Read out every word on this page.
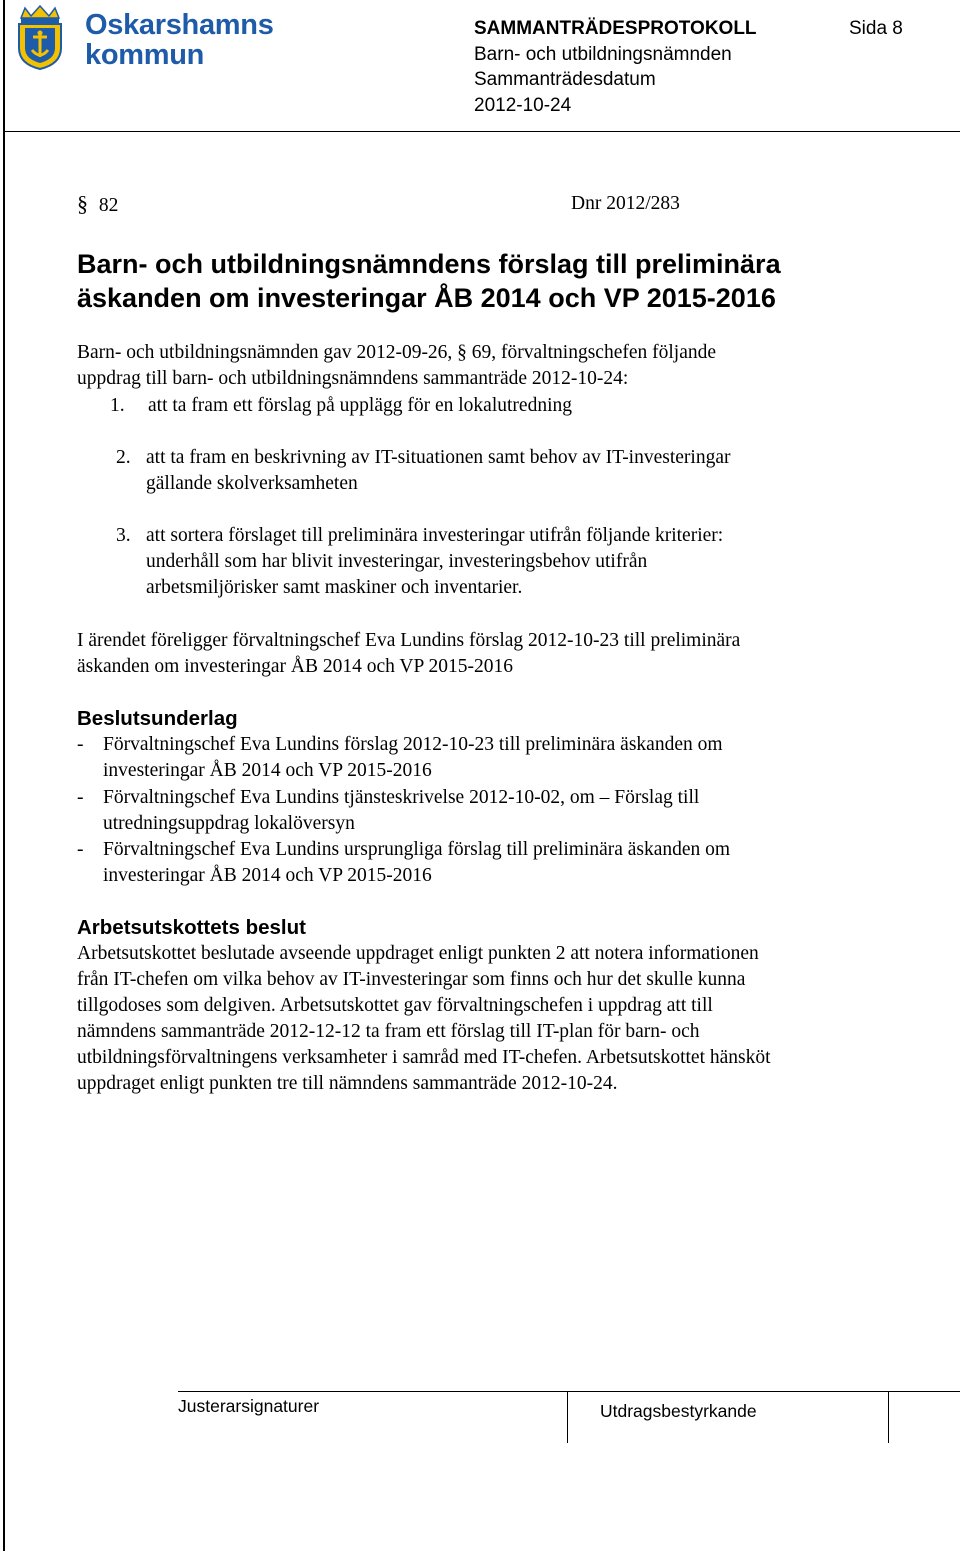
Oskarshamns
kommun
SAMMANTRÄDESPROTOKOLL
Barn- och utbildningsnämnden
Sammanträdesdatum
2012-10-24
Sida 8
§ 82	Dnr 2012/283
Barn- och utbildningsnämndens förslag till preliminära
äskanden om investeringar ÅB 2014 och VP 2015-2016
Barn- och utbildningsnämnden gav 2012-09-26, § 69, förvaltningschefen följande
uppdrag till barn- och utbildningsnämndens sammanträde 2012-10-24:
1. att ta fram ett förslag på upplägg för en lokalutredning
2. att ta fram en beskrivning av IT-situationen samt behov av IT-investeringar
gällande skolverksamheten
3. att sortera förslaget till preliminära investeringar utifrån följande kriterier:
underhåll som har blivit investeringar, investeringsbehov utifrån
arbetsmiljörisker samt maskiner och inventarier.
I ärendet föreligger förvaltningschef Eva Lundins förslag 2012-10-23 till preliminära
äskanden om investeringar ÅB 2014 och VP 2015-2016
Beslutsunderlag
- Förvaltningschef Eva Lundins förslag 2012-10-23 till preliminära äskanden om
investeringar ÅB 2014 och VP 2015-2016
- Förvaltningschef Eva Lundins tjänsteskrivelse 2012-10-02, om – Förslag till
utredningsuppdrag lokalöversyn
- Förvaltningschef Eva Lundins ursprungliga förslag till preliminära äskanden om
investeringar ÅB 2014 och VP 2015-2016
Arbetsutskottets beslut
Arbetsutskottet beslutade avseende uppdraget enligt punkten 2 att notera informationen
från IT-chefen om vilka behov av IT-investeringar som finns och hur det skulle kunna
tillgodoses som delgiven. Arbetsutskottet gav förvaltningschefen i uppdrag att till
nämndens sammanträde 2012-12-12 ta fram ett förslag till IT-plan för barn- och
utbildningsförvaltningens verksamheter i samråd med IT-chefen. Arbetsutskottet hänsköt
uppdraget enligt punkten tre till nämndens sammanträde 2012-10-24.
Justerarsignaturer	Utdragsbestyrkande
